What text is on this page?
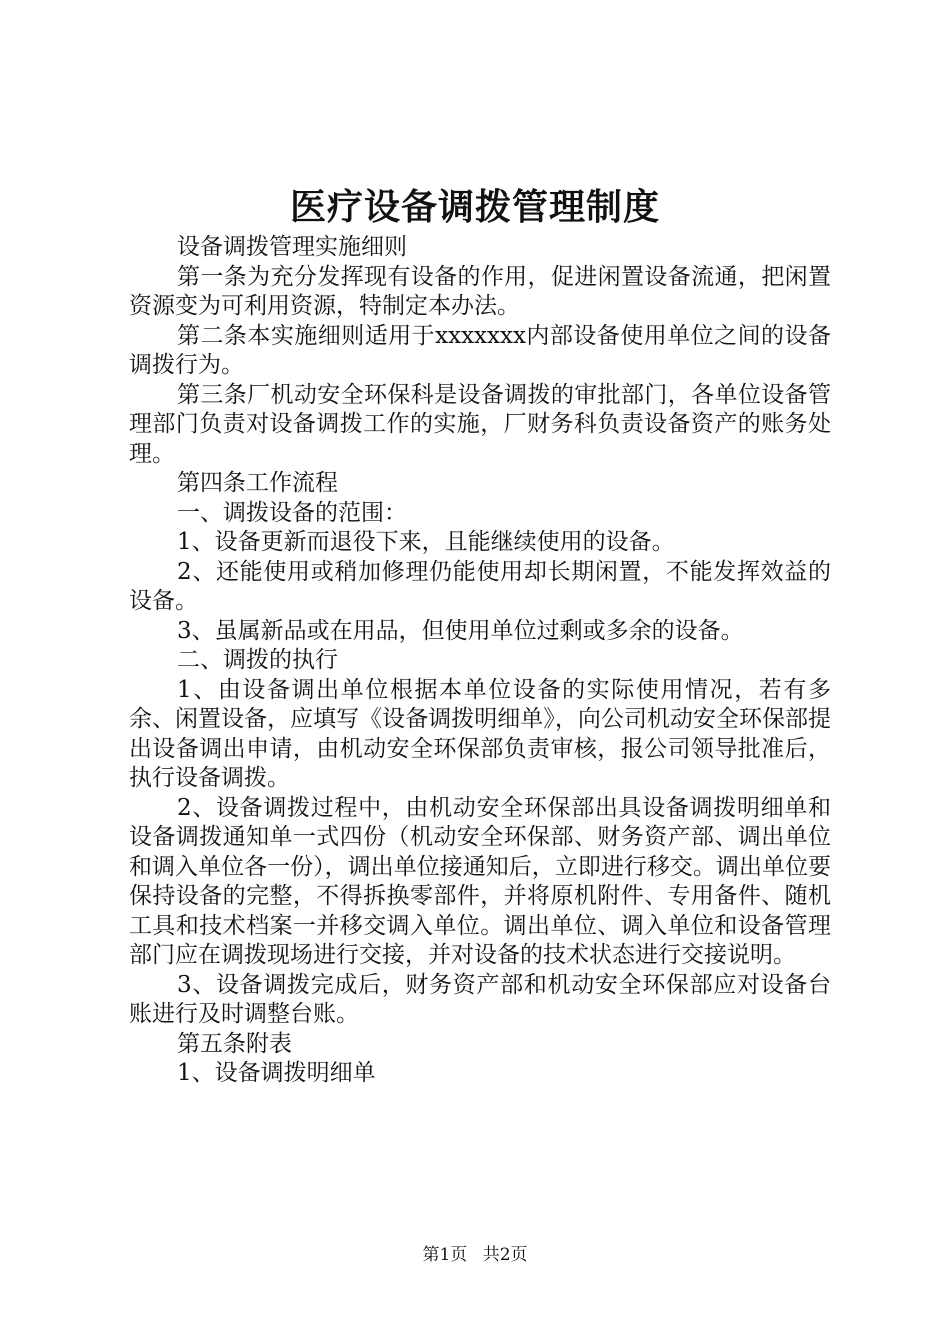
医疗设备调拨管理制度

设备调拨管理实施细则

第一条为充分发挥现有设备的作用，促进闲置设备流通，把闲置资源变为可利用资源，特制定本办法。

第二条本实施细则适用于xxxxxxx内部设备使用单位之间的设备调拨行为。

第三条厂机动安全环保科是设备调拨的审批部门，各单位设备管理部门负责对设备调拨工作的实施，厂财务科负责设备资产的账务处理。

第四条工作流程

一、调拨设备的范围：

1、设备更新而退役下来，且能继续使用的设备。

2、还能使用或稍加修理仍能使用却长期闲置，不能发挥效益的设备。

3、虽属新品或在用品，但使用单位过剩或多余的设备。

二、调拨的执行

1、由设备调出单位根据本单位设备的实际使用情况，若有多余、闲置设备，应填写《设备调拨明细单》，向公司机动安全环保部提出设备调出申请，由机动安全环保部负责审核，报公司领导批准后，执行设备调拨。

2、设备调拨过程中，由机动安全环保部出具设备调拨明细单和设备调拨通知单一式四份（机动安全环保部、财务资产部、调出单位和调入单位各一份），调出单位接通知后，立即进行移交。调出单位要保持设备的完整，不得拆换零部件，并将原机附件、专用备件、随机工具和技术档案一并移交调入单位。调出单位、调入单位和设备管理部门应在调拨现场进行交接，并对设备的技术状态进行交接说明。

3、设备调拨完成后，财务资产部和机动安全环保部应对设备台账进行及时调整台账。

第五条附表

1、设备调拨明细单

第1页 共2页
